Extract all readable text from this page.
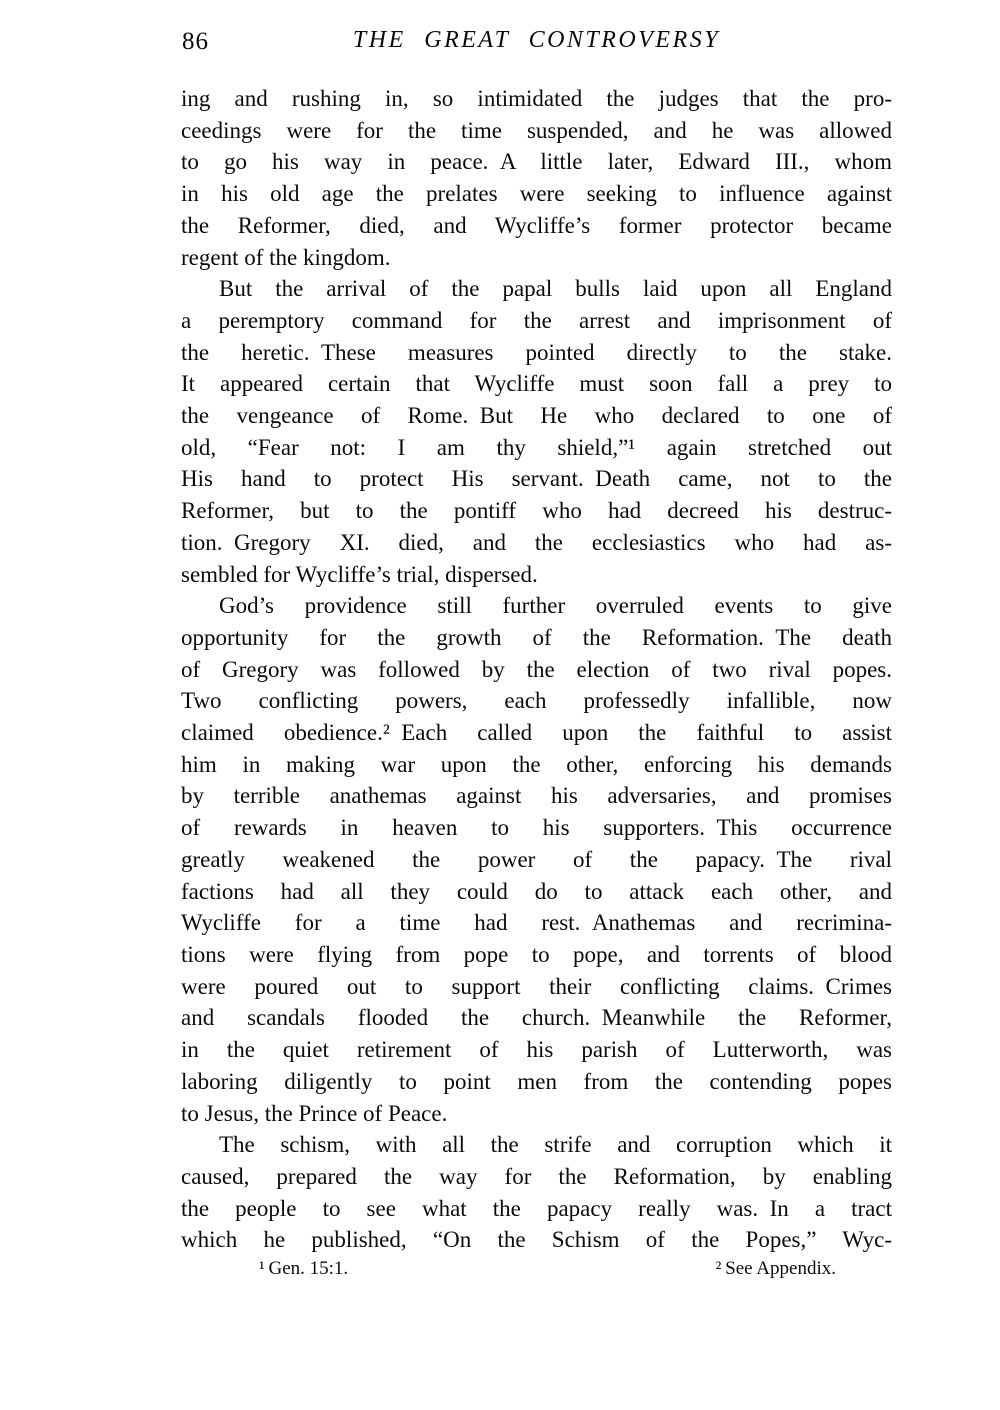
86	THE GREAT CONTROVERSY
ing and rushing in, so intimidated the judges that the pro-
ceedings were for the time suspended, and he was allowed
to go his way in peace. A little later, Edward III., whom
in his old age the prelates were seeking to influence against
the Reformer, died, and Wycliffe’s former protector became
regent of the kingdom.
But the arrival of the papal bulls laid upon all England
a peremptory command for the arrest and imprisonment of
the heretic. These measures pointed directly to the stake.
It appeared certain that Wycliffe must soon fall a prey to
the vengeance of Rome. But He who declared to one of
old, “Fear not: I am thy shield,”¹ again stretched out
His hand to protect His servant. Death came, not to the
Reformer, but to the pontiff who had decreed his destruc-
tion. Gregory XI. died, and the ecclesiastics who had as-
sembled for Wycliffe’s trial, dispersed.
God’s providence still further overruled events to give
opportunity for the growth of the Reformation. The death
of Gregory was followed by the election of two rival popes.
Two conflicting powers, each professedly infallible, now
claimed obedience.² Each called upon the faithful to assist
him in making war upon the other, enforcing his demands
by terrible anathemas against his adversaries, and promises
of rewards in heaven to his supporters. This occurrence
greatly weakened the power of the papacy. The rival
factions had all they could do to attack each other, and
Wycliffe for a time had rest. Anathemas and recrimina-
tions were flying from pope to pope, and torrents of blood
were poured out to support their conflicting claims. Crimes
and scandals flooded the church. Meanwhile the Reformer,
in the quiet retirement of his parish of Lutterworth, was
laboring diligently to point men from the contending popes
to Jesus, the Prince of Peace.
The schism, with all the strife and corruption which it
caused, prepared the way for the Reformation, by enabling
the people to see what the papacy really was. In a tract
which he published, “On the Schism of the Popes,” Wyc-
¹ Gen. 15:1.	² See Appendix.
